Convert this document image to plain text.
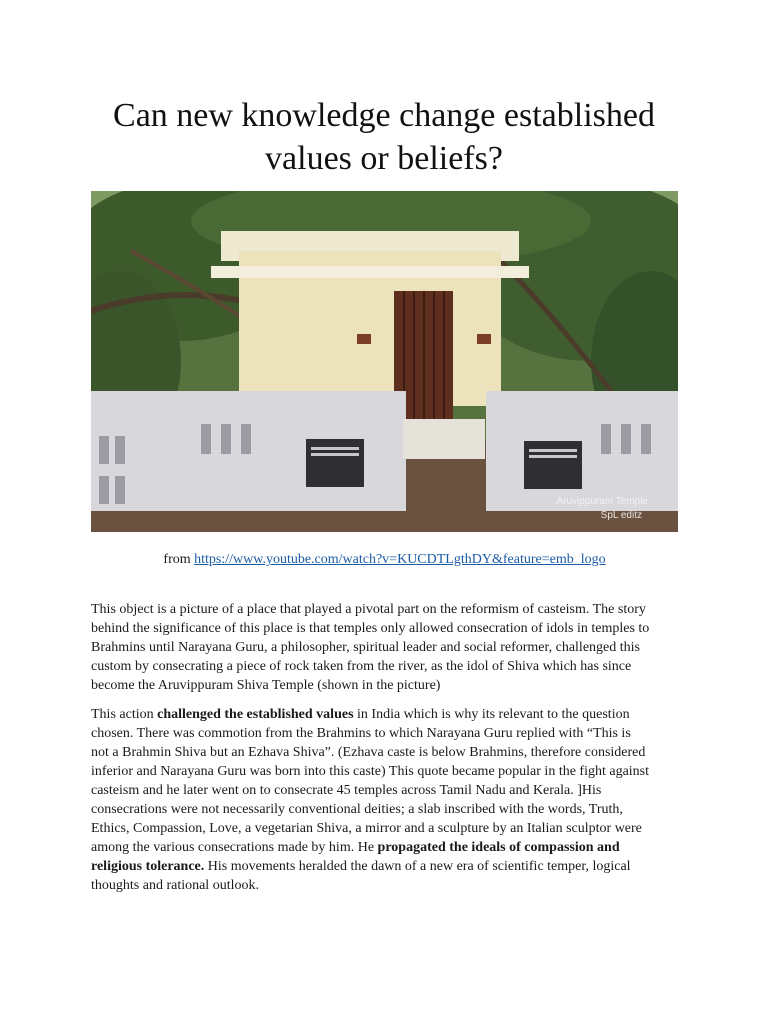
Can new knowledge change established values or beliefs?
Aruvippuram Temple
SpL editz
from https://www.youtube.com/watch?v=KUCDTLgthDY&feature=emb_logo

This object is a picture of a place that played a pivotal part on the reformism of casteism. The story behind the significance of this place is that temples only allowed consecration of idols in temples to Brahmins until Narayana Guru, a philosopher, spiritual leader and social reformer, challenged this custom by consecrating a piece of rock taken from the river, as the idol of Shiva which has since become the Aruvippuram Shiva Temple (shown in the picture)

This action challenged the established values in India which is why its relevant to the question chosen. There was commotion from the Brahmins to which Narayana Guru replied with “This is not a Brahmin Shiva but an Ezhava Shiva”. (Ezhava caste is below Brahmins, therefore considered inferior and Narayana Guru was born into this caste) This quote became popular in the fight against casteism and he later went on to consecrate 45 temples across Tamil Nadu and Kerala. ]His consecrations were not necessarily conventional deities; a slab inscribed with the words, Truth, Ethics, Compassion, Love, a vegetarian Shiva, a mirror and a sculpture by an Italian sculptor were among the various consecrations made by him. He propagated the ideals of compassion and religious tolerance. His movements heralded the dawn of a new era of scientific temper, logical thoughts and rational outlook.
